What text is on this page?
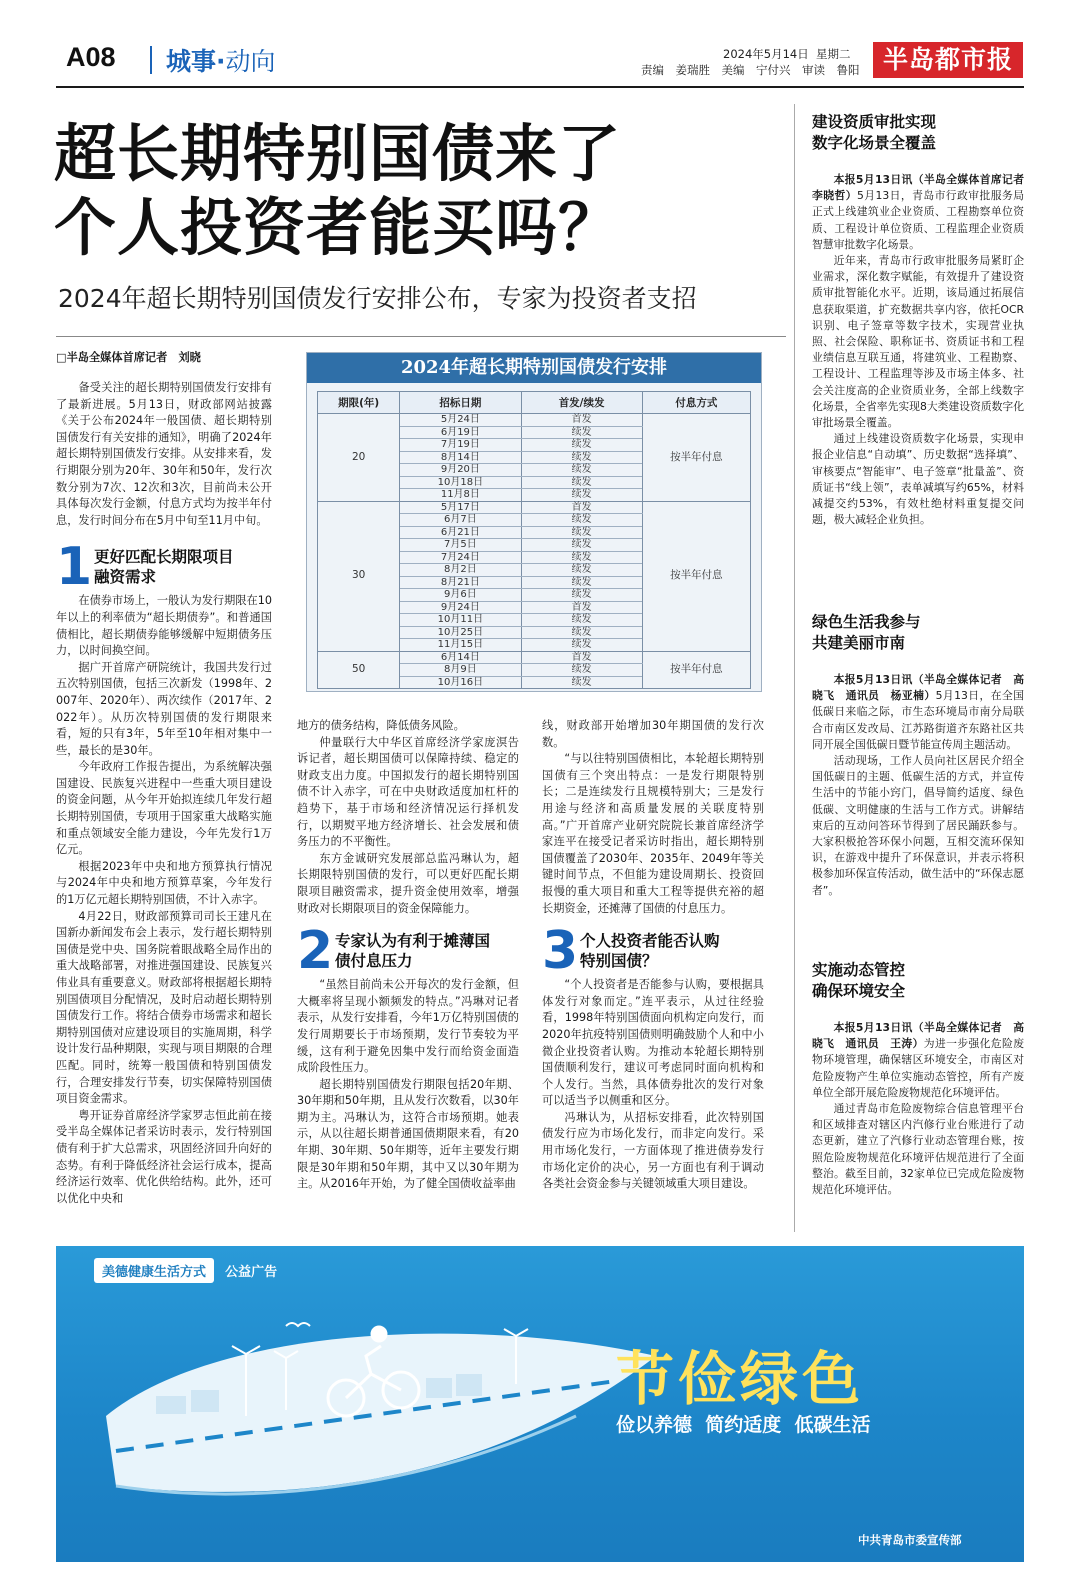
A08 城事·动向	2024年5月14日 星期二
责编　姜瑞胜　美编　宁付兴　审读　鲁阳 半岛都市报
超长期特别国债来了
个人投资者能买吗？
2024年超长期特别国债发行安排公布，专家为投资者支招

□半岛全媒体首席记者　刘晓

备受关注的超长期特别国债发行安排有了最新进展。5月13日，财政部网站披露《关于公布2024年一般国债、超长期特别国债发行有关安排的通知》，明确了2024年超长期特别国债发行安排。从安排来看，发行期限分别为20年、30年和50年，发行次数分别为7次、12次和3次，目前尚未公开具体每次发行金额，付息方式均为按半年付息，发行时间分布在5月中旬至11月中旬。

1 更好匹配长期限项目融资需求

在债券市场上，一般认为发行期限在10年以上的利率债为“超长期债券”。和普通国债相比，超长期债券能够缓解中短期债务压力，以时间换空间。

据广开首席产研院统计，我国共发行过五次特别国债，包括三次新发（1998年、2007年、2020年）、两次续作（2017年、2022年）。从历次特别国债的发行期限来看，短的只有3年，5年至10年相对集中一些，最长的是30年。

今年政府工作报告提出，为系统解决强国建设、民族复兴进程中一些重大项目建设的资金问题，从今年开始拟连续几年发行超长期特别国债，专项用于国家重大战略实施和重点领域安全能力建设，今年先发行1万亿元。

根据2023年中央和地方预算执行情况与2024年中央和地方预算草案，今年发行的1万亿元超长期特别国债，不计入赤字。

4月22日，财政部预算司司长王建凡在国新办新闻发布会上表示，发行超长期特别国债是党中央、国务院着眼战略全局作出的重大战略部署，对推进强国建设、民族复兴伟业具有重要意义。财政部将根据超长期特别国债项目分配情况，及时启动超长期特别国债发行工作。将结合债券市场需求和超长期特别国债对应建设项目的实施周期，科学设计发行品种期限，实现与项目期限的合理匹配。同时，统筹一般国债和特别国债发行，合理安排发行节奏，切实保障特别国债项目资金需求。

粤开证券首席经济学家罗志恒此前在接受半岛全媒体记者采访时表示，发行特别国债有利于扩大总需求，巩固经济回升向好的态势。有利于降低经济社会运行成本，提高经济运行效率、优化供给结构。此外，还可以优化中央和

2024年超长期特别国债发行安排
期限(年)	招标日期	首发/续发	付息方式
20	5月24日	首发	按半年付息
	6月19日	续发	
	7月19日	续发	
	8月14日	续发	
	9月20日	续发	
	10月18日	续发	
	11月8日	续发	
30	5月17日	首发	按半年付息
	6月7日	续发	
	6月21日	续发	
	7月5日	续发	
	7月24日	续发	
	8月2日	续发	
	8月21日	续发	
	9月6日	续发	
	9月24日	首发	
	10月11日	续发	
	10月25日	续发	
	11月15日	续发	
50	6月14日	首发	按半年付息
	8月9日	续发	
	10月16日	续发	

地方的债务结构，降低债务风险。

仲量联行大中华区首席经济学家庞溟告诉记者，超长期国债可以保障持续、稳定的财政支出力度。中国拟发行的超长期特别国债不计入赤字，可在中央财政适度加杠杆的趋势下，基于市场和经济情况运行择机发行，以期熨平地方经济增长、社会发展和债务压力的不平衡性。

东方金诚研究发展部总监冯琳认为，超长期限特别国债的发行，可以更好匹配长期限项目融资需求，提升资金使用效率，增强财政对长期限项目的资金保障能力。

2 专家认为有利于摊薄国债付息压力

“虽然目前尚未公开每次的发行金额，但大概率将呈现小额频发的特点。”冯琳对记者表示，从发行安排看，今年1万亿特别国债的发行周期要长于市场预期，发行节奏较为平缓，这有利于避免因集中发行而给资金面造成阶段性压力。

超长期特别国债发行期限包括20年期、30年期和50年期，且从发行次数看，以30年期为主。冯琳认为，这符合市场预期。她表示，从以往超长期普通国债期限来看，有20年期、30年期、50年期等，近年主要发行期限是30年期和50年期，其中又以30年期为主。从2016年开始，为了健全国债收益率曲

线，财政部开始增加30年期国债的发行次数。

“与以往特别国债相比，本轮超长期特别国债有三个突出特点：一是发行期限特别长；二是连续发行且规模特别大；三是发行用途与经济和高质量发展的关联度特别高。”广开首席产业研究院院长兼首席经济学家连平在接受记者采访时指出，超长期特别国债覆盖了2030年、2035年、2049年等关键时间节点，不但能为建设周期长、投资回报慢的重大项目和重大工程等提供充裕的超长期资金，还摊薄了国债的付息压力。

3 个人投资者能否认购特别国债？

“个人投资者是否能参与认购，要根据具体发行对象而定。”连平表示，从过往经验看，1998年特别国债面向机构定向发行，而2020年抗疫特别国债则明确鼓励个人和中小微企业投资者认购。为推动本轮超长期特别国债顺利发行，建议可考虑同时面向机构和个人发行。当然，具体债券批次的发行对象可以适当予以侧重和区分。

冯琳认为，从招标安排看，此次特别国债发行应为市场化发行，而非定向发行。采用市场化发行，一方面体现了推进债券发行市场化定价的决心，另一方面也有利于调动各类社会资金参与关键领域重大项目建设。

建设资质审批实现
数字化场景全覆盖

本报5月13日讯（半岛全媒体首席记者　李晓哲）5月13日，青岛市行政审批服务局正式上线建筑业企业资质、工程勘察单位资质、工程设计单位资质、工程监理企业资质智慧审批数字化场景。

近年来，青岛市行政审批服务局紧盯企业需求，深化数字赋能，有效提升了建设资质审批智能化水平。近期，该局通过拓展信息获取渠道，扩充数据共享内容，依托OCR识别、电子签章等数字技术，实现营业执照、社会保险、职称证书、资质证书和工程业绩信息互联互通，将建筑业、工程勘察、工程设计、工程监理等涉及市场主体多、社会关注度高的企业资质业务，全部上线数字化场景，全省率先实现8大类建设资质数字化审批场景全覆盖。

通过上线建设资质数字化场景，实现申报企业信息“自动填”、历史数据“选择填”、审核要点“智能审”、电子签章“批量盖”、资质证书“线上领”，表单减填写约65%，材料减提交约53%，有效杜绝材料重复提交问题，极大减轻企业负担。

绿色生活我参与
共建美丽市南

本报5月13日讯（半岛全媒体记者　高晓飞　通讯员　杨亚楠）5月13日，在全国低碳日来临之际，市生态环境局市南分局联合市南区发改局、江苏路街道齐东路社区共同开展全国低碳日暨节能宣传周主题活动。

活动现场，工作人员向社区居民介绍全国低碳日的主题、低碳生活的方式，并宣传生活中的节能小窍门，倡导简约适度、绿色低碳、文明健康的生活与工作方式。讲解结束后的互动问答环节得到了居民踊跃参与。大家积极抢答环保小问题，互相交流环保知识，在游戏中提升了环保意识，并表示将积极参加环保宣传活动，做生活中的“环保志愿者”。

实施动态管控
确保环境安全

本报5月13日讯（半岛全媒体记者　高晓飞　通讯员　王涛）为进一步强化危险废物环境管理，确保辖区环境安全，市南区对危险废物产生单位实施动态管控，所有产废单位全部开展危险废物规范化环境评估。

通过青岛市危险废物综合信息管理平台和区域排查对辖区内汽修行业台账进行了动态更新，建立了汽修行业动态管理台账，按照危险废物规范化环境评估规范进行了全面整治。截至目前，32家单位已完成危险废物规范化环境评估。

美德健康生活方式 公益广告
节俭绿色
俭以养德  简约适度  低碳生活
中共青岛市委宣传部
